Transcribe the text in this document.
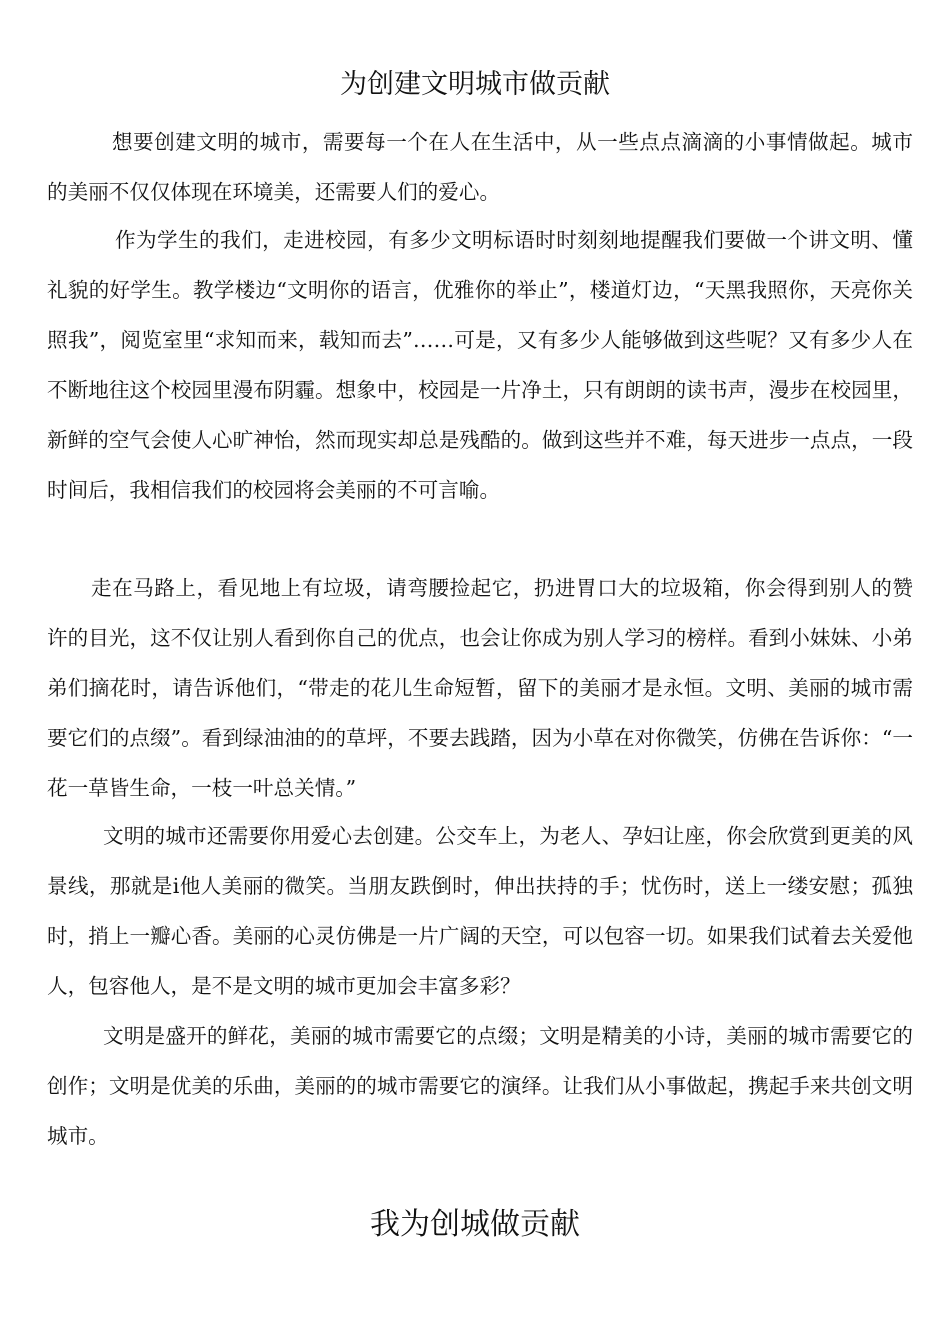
为创建文明城市做贡献

想要创建文明的城市，需要每一个在人在生活中，从一些点点滴滴的小事情做起。城市的美丽不仅仅体现在环境美，还需要人们的爱心。

作为学生的我们，走进校园，有多少文明标语时时刻刻地提醒我们要做一个讲文明、懂礼貌的好学生。教学楼边“文明你的语言，优雅你的举止”，楼道灯边，“天黑我照你，天亮你关照我”，阅览室里“求知而来，载知而去”……可是，又有多少人能够做到这些呢？又有多少人在不断地往这个校园里漫布阴霾。想象中，校园是一片净土，只有朗朗的读书声，漫步在校园里，新鲜的空气会使人心旷神怡，然而现实却总是残酷的。做到这些并不难，每天进步一点点，一段时间后，我相信我们的校园将会美丽的不可言喻。

走在马路上，看见地上有垃圾，请弯腰捡起它，扔进胃口大的垃圾箱，你会得到别人的赞许的目光，这不仅让别人看到你自己的优点，也会让你成为别人学习的榜样。看到小妹妹、小弟弟们摘花时，请告诉他们，“带走的花儿生命短暂，留下的美丽才是永恒。文明、美丽的城市需要它们的点缀”。看到绿油油的的草坪，不要去践踏，因为小草在对你微笑，仿佛在告诉你：“一花一草皆生命，一枝一叶总关情。”

文明的城市还需要你用爱心去创建。公交车上，为老人、孕妇让座，你会欣赏到更美的风景线，那就是i他人美丽的微笑。当朋友跌倒时，伸出扶持的手；忧伤时，送上一缕安慰；孤独时，捎上一瓣心香。美丽的心灵仿佛是一片广阔的天空，可以包容一切。如果我们试着去关爱他人，包容他人，是不是文明的城市更加会丰富多彩？

文明是盛开的鲜花，美丽的城市需要它的点缀；文明是精美的小诗，美丽的城市需要它的创作；文明是优美的乐曲，美丽的的城市需要它的演绎。让我们从小事做起，携起手来共创文明城市。

我为创城做贡献
